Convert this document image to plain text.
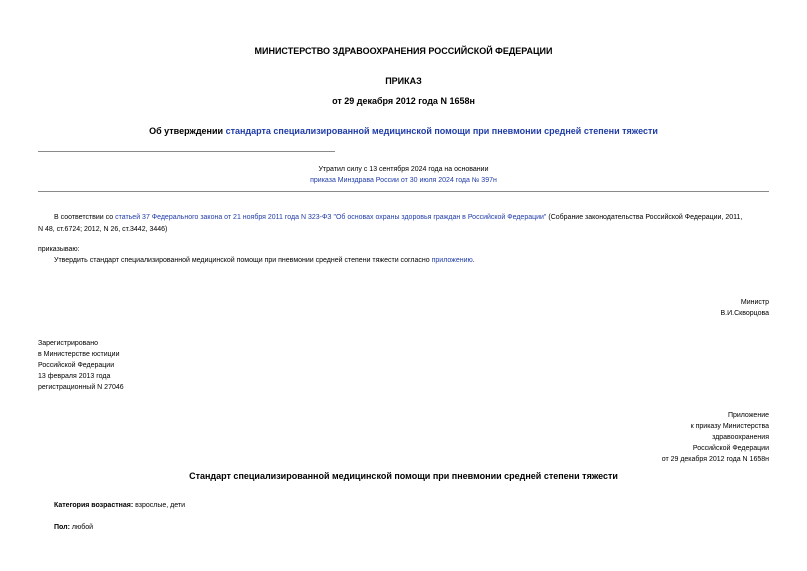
МИНИСТЕРСТВО ЗДРАВООХРАНЕНИЯ РОССИЙСКОЙ ФЕДЕРАЦИИ
ПРИКАЗ
от 29 декабря 2012 года N 1658н
Об утверждении стандарта специализированной медицинской помощи при пневмонии средней степени тяжести
Утратил силу с 13 сентября 2024 года на основании
приказа Минздрава России от 30 июля 2024 года № 397н
В соответствии со статьей 37 Федерального закона от 21 ноября 2011 года N 323-ФЗ "Об основах охраны здоровья граждан в Российской Федерации" (Собрание законодательства Российской Федерации, 2011,
N 48, ст.6724; 2012, N 26, ст.3442, 3446)
приказываю:
Утвердить стандарт специализированной медицинской помощи при пневмонии средней степени тяжести согласно приложению.
Министр
В.И.Скворцова
Зарегистрировано
в Министерстве юстиции
Российской Федерации
13 февраля 2013 года
регистрационный N 27046
Приложение
к приказу Министерства
здравоохранения
Российской Федерации
от 29 декабря 2012 года N 1658н
Стандарт специализированной медицинской помощи при пневмонии средней степени тяжести
Категория возрастная: взрослые, дети
Пол: любой
